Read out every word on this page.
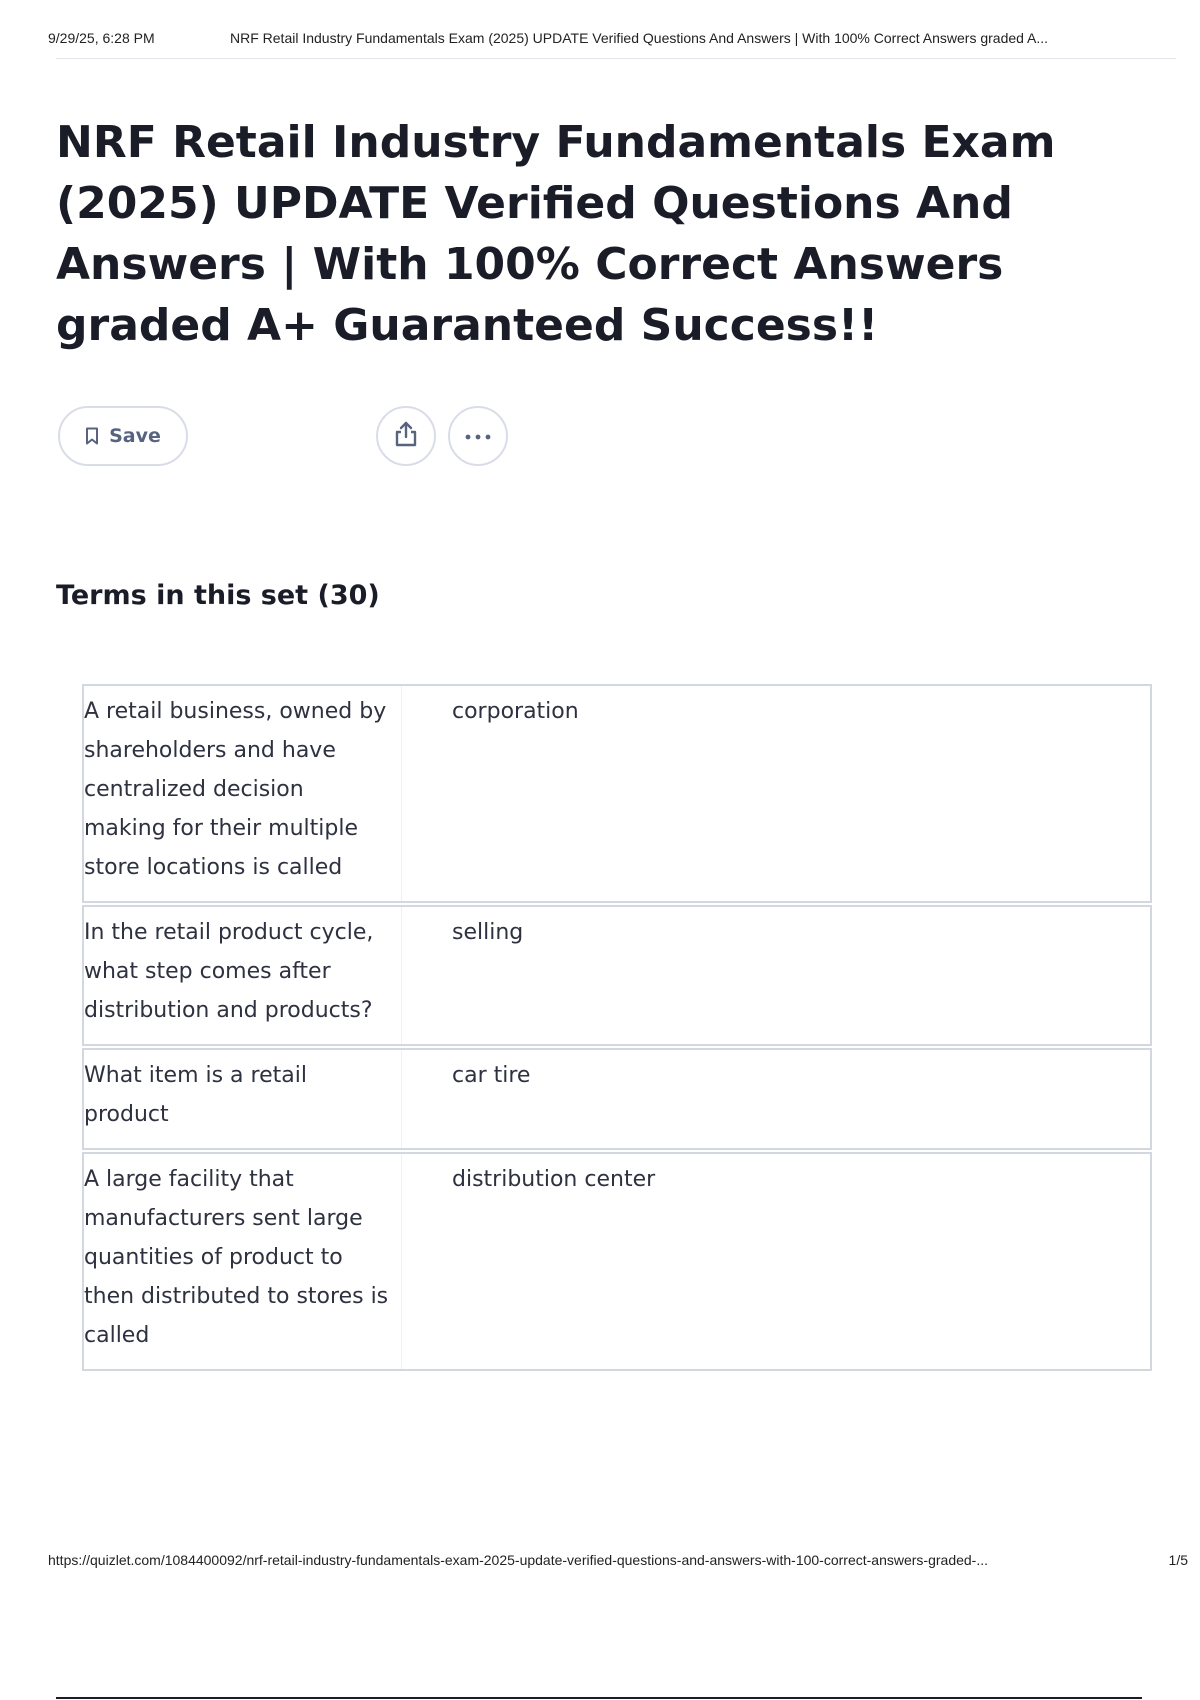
9/29/25, 6:28 PM	NRF Retail Industry Fundamentals Exam (2025) UPDATE Verified Questions And Answers | With 100% Correct Answers graded A...
NRF Retail Industry Fundamentals Exam (2025) UPDATE Verified Questions And Answers | With 100% Correct Answers graded A+ Guaranteed Success!!
Save
Terms in this set (30)
A retail business, owned by shareholders and have centralized decision making for their multiple store locations is called
corporation
In the retail product cycle, what step comes after distribution and products?
selling
What item is a retail product
car tire
A large facility that manufacturers sent large quantities of product to then distributed to stores is called
distribution center
https://quizlet.com/1084400092/nrf-retail-industry-fundamentals-exam-2025-update-verified-questions-and-answers-with-100-correct-answers-graded-...	1/5
